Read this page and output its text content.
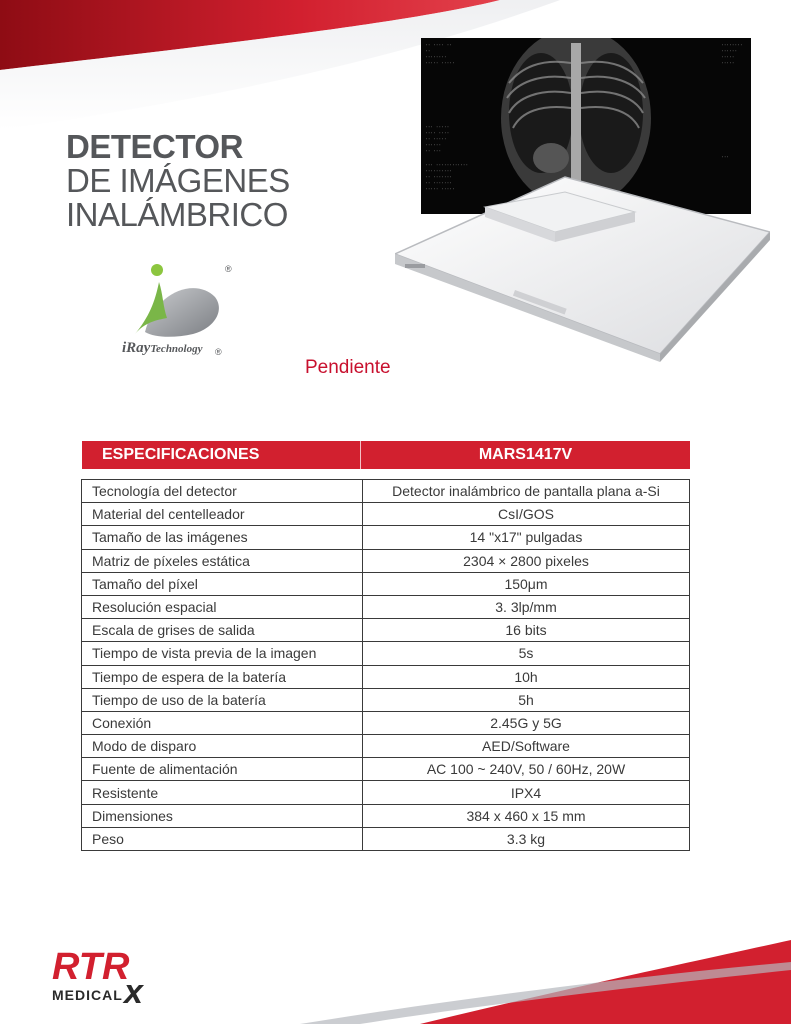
DETECTOR
DE IMÁGENES
INALÁMBRICO
®
®
iRayTechnology
·· ···· ··
··
········
····· ·····
··· ·····
···· ····
·· ·····
······
·· ···
··· ············
··········
·· ·······
·· ·······
····· ·····
········
······
·····
·····
···
Pendiente
ESPECIFICACIONES	MARS1417V
Tecnología del detector	Detector inalámbrico de pantalla plana a-Si
Material del centelleador	CsI/GOS
Tamaño de las imágenes	14 "x17" pulgadas
Matriz de píxeles estática	2304 × 2800 pixeles
Tamaño del píxel	150μm
Resolución espacial	3. 3lp/mm
Escala de grises de salida	16 bits
Tiempo de vista previa de la imagen	5s
Tiempo de espera de la batería	10h
Tiempo de uso de la batería	5h
Conexión	2.45G y 5G
Modo de disparo	AED/Software
Fuente de alimentación	AC 100 ~ 240V, 50 / 60Hz, 20W
Resistente	IPX4
Dimensiones	384 x 460 x 15 mm
Peso	3.3 kg
RTR
MEDICAL x
